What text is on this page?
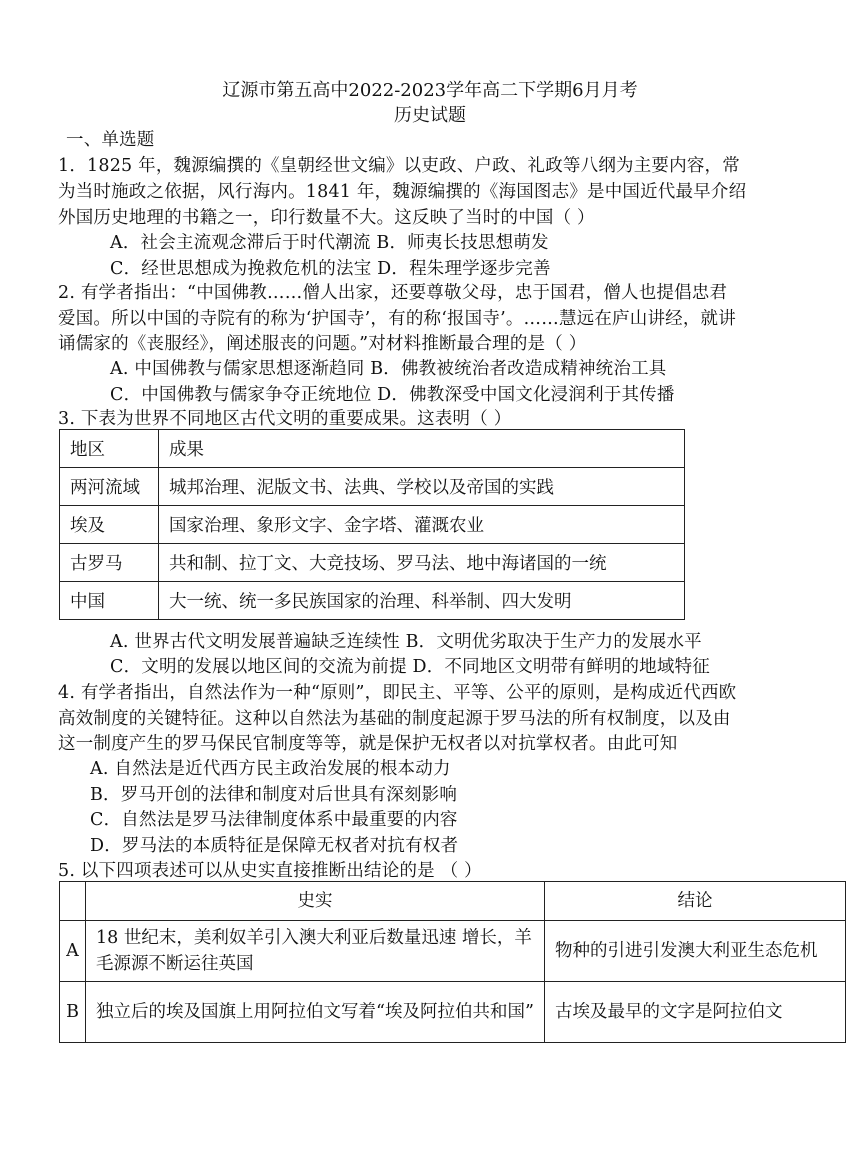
辽源市第五高中2022-2023学年高二下学期6月月考
历史试题
一、单选题
1．1825 年，魏源编撰的《皇朝经世文编》以吏政、户政、礼政等八纲为主要内容，常
为当时施政之依据，风行海内。1841 年，魏源编撰的《海国图志》是中国近代最早介绍
外国历史地理的书籍之一，印行数量不大。这反映了当时的中国（ ）
A．社会主流观念滞后于时代潮流 B．师夷长技思想萌发
C．经世思想成为挽救危机的法宝 D．程朱理学逐步完善
2. 有学者指出：“中国佛教……僧人出家，还要尊敬父母，忠于国君，僧人也提倡忠君
爱国。所以中国的寺院有的称为‘护国寺’，有的称‘报国寺’。……慧远在庐山讲经，就讲
诵儒家的《丧服经》，阐述服丧的问题。”对材料推断最合理的是（ ）
A. 中国佛教与儒家思想逐渐趋同 B．佛教被统治者改造成精神统治工具
C．中国佛教与儒家争夺正统地位 D．佛教深受中国文化浸润利于其传播
3. 下表为世界不同地区古代文明的重要成果。这表明（ ）
地区	成果
两河流域	城邦治理、泥版文书、法典、学校以及帝国的实践
埃及	国家治理、象形文字、金字塔、灌溉农业
古罗马	共和制、拉丁文、大竞技场、罗马法、地中海诸国的一统
中国	大一统、统一多民族国家的治理、科举制、四大发明
A. 世界古代文明发展普遍缺乏连续性 B．文明优劣取决于生产力的发展水平
C．文明的发展以地区间的交流为前提 D．不同地区文明带有鲜明的地域特征
4. 有学者指出，自然法作为一种“原则”，即民主、平等、公平的原则，是构成近代西欧
高效制度的关键特征。这种以自然法为基础的制度起源于罗马法的所有权制度，以及由
这一制度产生的罗马保民官制度等等，就是保护无权者以对抗掌权者。由此可知
A. 自然法是近代西方民主政治发展的根本动力
B．罗马开创的法律和制度对后世具有深刻影响
C．自然法是罗马法律制度体系中最重要的内容
D．罗马法的本质特征是保障无权者对抗有权者
5. 以下四项表述可以从史实直接推断出结论的是 （ ）
	史实	结论
A	18 世纪末，美利奴羊引入澳大利亚后数量迅速 增长，羊毛源源不断运往英国	物种的引进引发澳大利亚生态危机
B	独立后的埃及国旗上用阿拉伯文写着“埃及阿拉伯共和国”	古埃及最早的文字是阿拉伯文
